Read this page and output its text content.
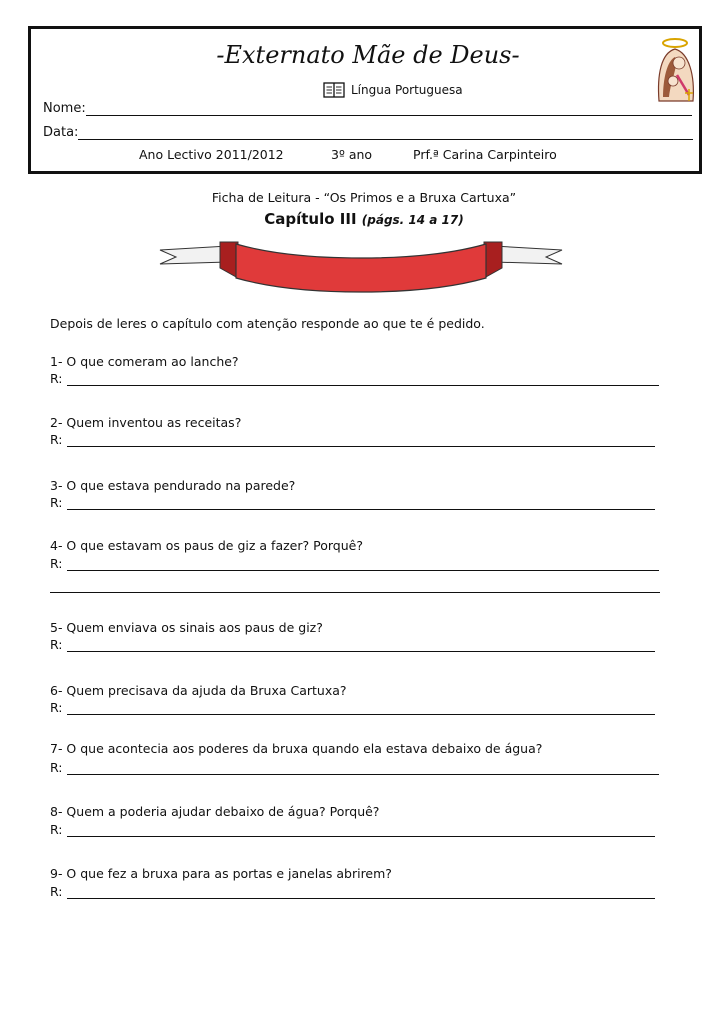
-Externato Mãe de Deus-
Língua Portuguesa
Nome:
Data:
Ano Lectivo 2011/2012	3º ano	Prf.ª Carina Carpinteiro
Ficha de Leitura - “Os Primos e a Bruxa Cartuxa”
Capítulo III (págs. 14 a 17)
Depois de leres o capítulo com atenção responde ao que te é pedido.
1- O que comeram ao lanche?
R:
2- Quem inventou as receitas?
R:
3- O que estava pendurado na parede?
R:
4- O que estavam os paus de giz a fazer? Porquê?
R:
5- Quem enviava os sinais aos paus de giz?
R:
6- Quem precisava da ajuda da Bruxa Cartuxa?
R:
7- O que acontecia aos poderes da bruxa quando ela estava debaixo de água?
R:
8- Quem a poderia ajudar debaixo de água? Porquê?
R:
9- O que fez a bruxa para as portas e janelas abrirem?
R:
